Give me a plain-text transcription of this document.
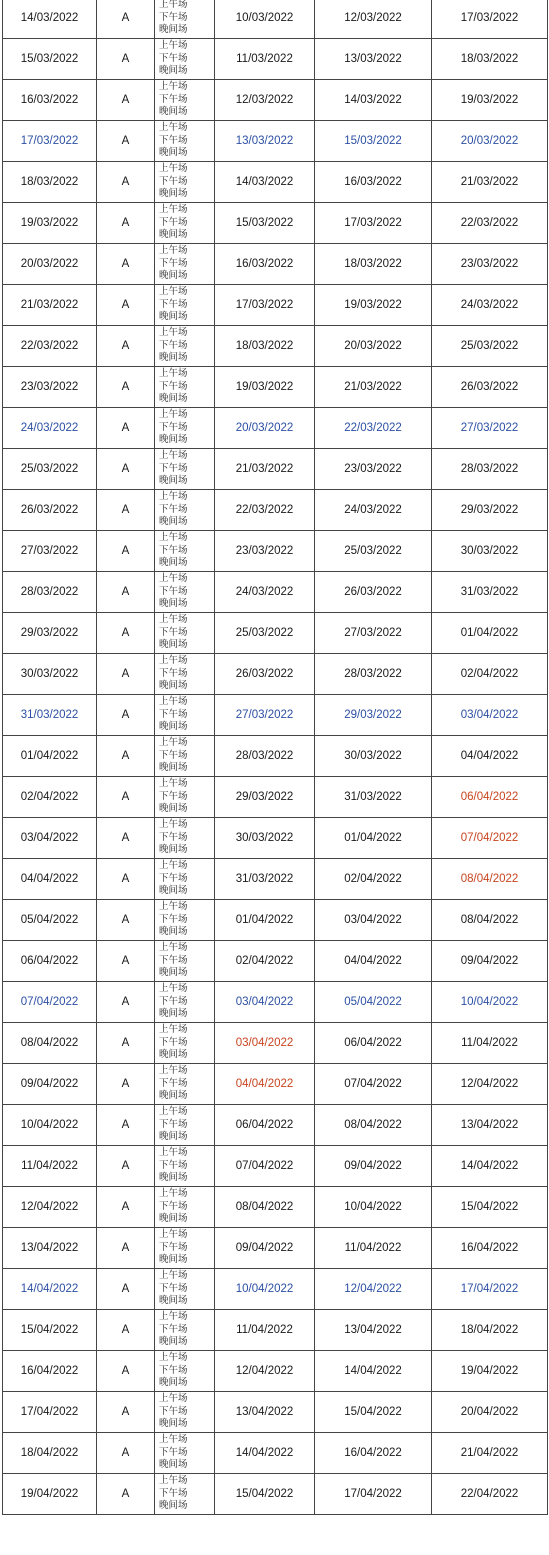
14/03/2022	A	上午场
下午场
晚间场	10/03/2022	12/03/2022	17/03/2022
15/03/2022	A	上午场
下午场
晚间场	11/03/2022	13/03/2022	18/03/2022
16/03/2022	A	上午场
下午场
晚间场	12/03/2022	14/03/2022	19/03/2022
17/03/2022	A	上午场
下午场
晚间场	13/03/2022	15/03/2022	20/03/2022
18/03/2022	A	上午场
下午场
晚间场	14/03/2022	16/03/2022	21/03/2022
19/03/2022	A	上午场
下午场
晚间场	15/03/2022	17/03/2022	22/03/2022
20/03/2022	A	上午场
下午场
晚间场	16/03/2022	18/03/2022	23/03/2022
21/03/2022	A	上午场
下午场
晚间场	17/03/2022	19/03/2022	24/03/2022
22/03/2022	A	上午场
下午场
晚间场	18/03/2022	20/03/2022	25/03/2022
23/03/2022	A	上午场
下午场
晚间场	19/03/2022	21/03/2022	26/03/2022
24/03/2022	A	上午场
下午场
晚间场	20/03/2022	22/03/2022	27/03/2022
25/03/2022	A	上午场
下午场
晚间场	21/03/2022	23/03/2022	28/03/2022
26/03/2022	A	上午场
下午场
晚间场	22/03/2022	24/03/2022	29/03/2022
27/03/2022	A	上午场
下午场
晚间场	23/03/2022	25/03/2022	30/03/2022
28/03/2022	A	上午场
下午场
晚间场	24/03/2022	26/03/2022	31/03/2022
29/03/2022	A	上午场
下午场
晚间场	25/03/2022	27/03/2022	01/04/2022
30/03/2022	A	上午场
下午场
晚间场	26/03/2022	28/03/2022	02/04/2022
31/03/2022	A	上午场
下午场
晚间场	27/03/2022	29/03/2022	03/04/2022
01/04/2022	A	上午场
下午场
晚间场	28/03/2022	30/03/2022	04/04/2022
02/04/2022	A	上午场
下午场
晚间场	29/03/2022	31/03/2022	06/04/2022
03/04/2022	A	上午场
下午场
晚间场	30/03/2022	01/04/2022	07/04/2022
04/04/2022	A	上午场
下午场
晚间场	31/03/2022	02/04/2022	08/04/2022
05/04/2022	A	上午场
下午场
晚间场	01/04/2022	03/04/2022	08/04/2022
06/04/2022	A	上午场
下午场
晚间场	02/04/2022	04/04/2022	09/04/2022
07/04/2022	A	上午场
下午场
晚间场	03/04/2022	05/04/2022	10/04/2022
08/04/2022	A	上午场
下午场
晚间场	03/04/2022	06/04/2022	11/04/2022
09/04/2022	A	上午场
下午场
晚间场	04/04/2022	07/04/2022	12/04/2022
10/04/2022	A	上午场
下午场
晚间场	06/04/2022	08/04/2022	13/04/2022
11/04/2022	A	上午场
下午场
晚间场	07/04/2022	09/04/2022	14/04/2022
12/04/2022	A	上午场
下午场
晚间场	08/04/2022	10/04/2022	15/04/2022
13/04/2022	A	上午场
下午场
晚间场	09/04/2022	11/04/2022	16/04/2022
14/04/2022	A	上午场
下午场
晚间场	10/04/2022	12/04/2022	17/04/2022
15/04/2022	A	上午场
下午场
晚间场	11/04/2022	13/04/2022	18/04/2022
16/04/2022	A	上午场
下午场
晚间场	12/04/2022	14/04/2022	19/04/2022
17/04/2022	A	上午场
下午场
晚间场	13/04/2022	15/04/2022	20/04/2022
18/04/2022	A	上午场
下午场
晚间场	14/04/2022	16/04/2022	21/04/2022
19/04/2022	A	上午场
下午场
晚间场	15/04/2022	17/04/2022	22/04/2022
